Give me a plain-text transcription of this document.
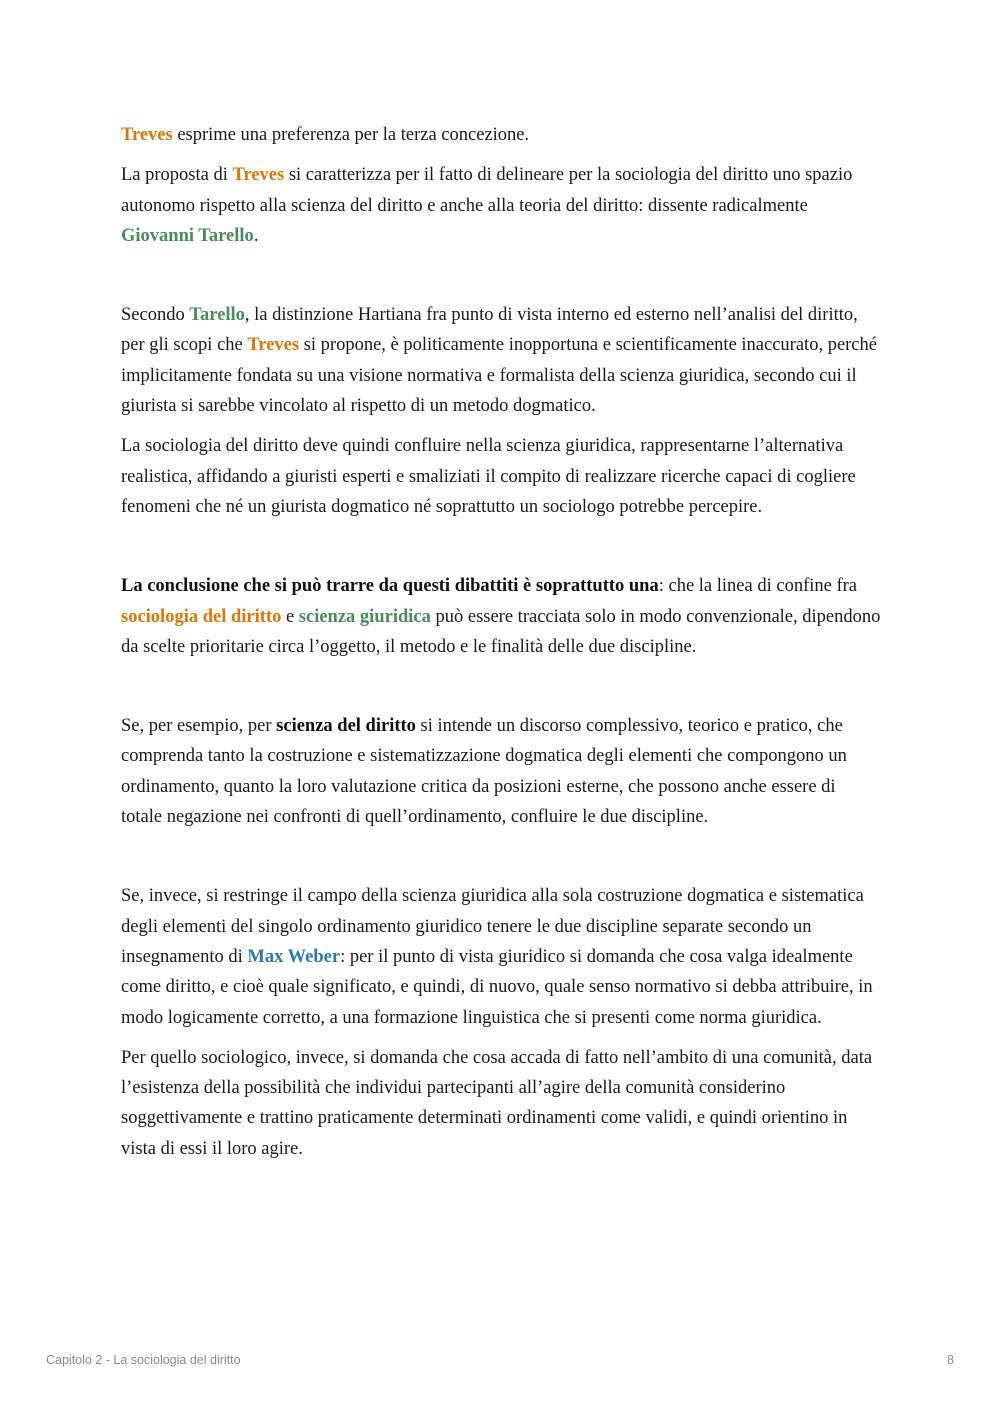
Treves esprime una preferenza per la terza concezione.

La proposta di Treves si caratterizza per il fatto di delineare per la sociologia del diritto uno spazio autonomo rispetto alla scienza del diritto e anche alla teoria del diritto: dissente radicalmente Giovanni Tarello.

Secondo Tarello, la distinzione Hartiana fra punto di vista interno ed esterno nell’analisi del diritto, per gli scopi che Treves si propone, è politicamente inopportuna e scientificamente inaccurato, perché implicitamente fondata su una visione normativa e formalista della scienza giuridica, secondo cui il giurista si sarebbe vincolato al rispetto di un metodo dogmatico.

La sociologia del diritto deve quindi confluire nella scienza giuridica, rappresentarne l’alternativa realistica, affidando a giuristi esperti e smaliziati il compito di realizzare ricerche capaci di cogliere fenomeni che né un giurista dogmatico né soprattutto un sociologo potrebbe percepire.

La conclusione che si può trarre da questi dibattiti è soprattutto una: che la linea di confine fra sociologia del diritto e scienza giuridica può essere tracciata solo in modo convenzionale, dipendono da scelte prioritarie circa l’oggetto, il metodo e le finalità delle due discipline.

Se, per esempio, per scienza del diritto si intende un discorso complessivo, teorico e pratico, che comprenda tanto la costruzione e sistematizzazione dogmatica degli elementi che compongono un ordinamento, quanto la loro valutazione critica da posizioni esterne, che possono anche essere di totale negazione nei confronti di quell’ordinamento, confluire le due discipline.

Se, invece, si restringe il campo della scienza giuridica alla sola costruzione dogmatica e sistematica degli elementi del singolo ordinamento giuridico tenere le due discipline separate secondo un insegnamento di Max Weber: per il punto di vista giuridico si domanda che cosa valga idealmente come diritto, e cioè quale significato, e quindi, di nuovo, quale senso normativo si debba attribuire, in modo logicamente corretto, a una formazione linguistica che si presenti come norma giuridica.

Per quello sociologico, invece, si domanda che cosa accada di fatto nell’ambito di una comunità, data l’esistenza della possibilità che individui partecipanti all’agire della comunità considerino soggettivamente e trattino praticamente determinati ordinamenti come validi, e quindi orientino in vista di essi il loro agire.

Capitolo 2 - La sociologia del diritto	8
